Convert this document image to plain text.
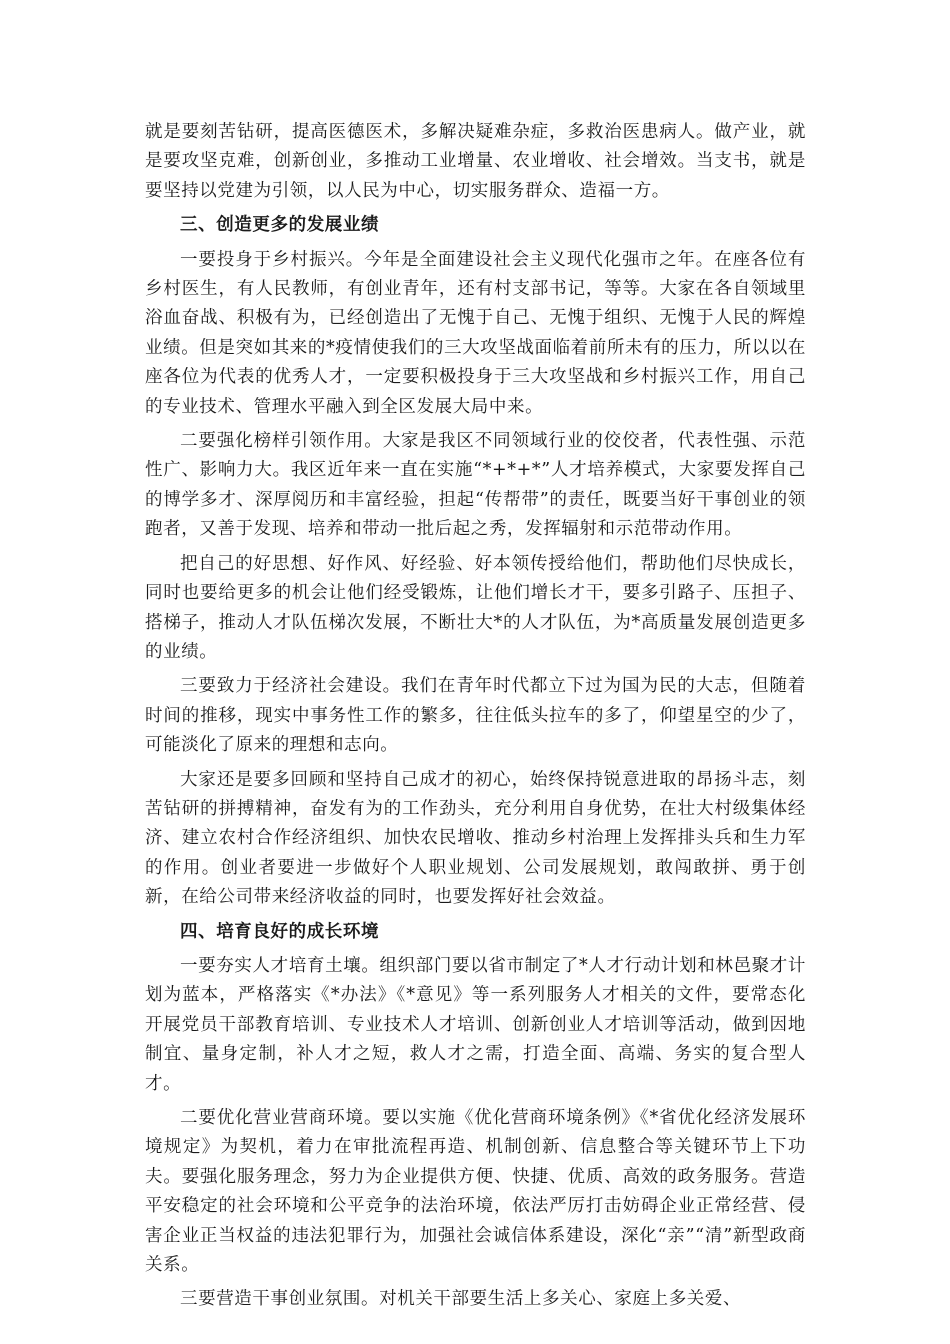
就是要刻苦钻研，提高医德医术，多解决疑难杂症，多救治医患病人。做产业，就是要攻坚克难，创新创业，多推动工业增量、农业增收、社会增效。当支书，就是要坚持以党建为引领，以人民为中心，切实服务群众、造福一方。

三、创造更多的发展业绩

一要投身于乡村振兴。今年是全面建设社会主义现代化强市之年。在座各位有乡村医生，有人民教师，有创业青年，还有村支部书记，等等。大家在各自领域里浴血奋战、积极有为，已经创造出了无愧于自己、无愧于组织、无愧于人民的辉煌业绩。但是突如其来的*疫情使我们的三大攻坚战面临着前所未有的压力，所以以在座各位为代表的优秀人才，一定要积极投身于三大攻坚战和乡村振兴工作，用自己的专业技术、管理水平融入到全区发展大局中来。

二要强化榜样引领作用。大家是我区不同领域行业的佼佼者，代表性强、示范性广、影响力大。我区近年来一直在实施“*+*+*”人才培养模式，大家要发挥自己的博学多才、深厚阅历和丰富经验，担起“传帮带”的责任，既要当好干事创业的领跑者，又善于发现、培养和带动一批后起之秀，发挥辐射和示范带动作用。

把自己的好思想、好作风、好经验、好本领传授给他们，帮助他们尽快成长，同时也要给更多的机会让他们经受锻炼，让他们增长才干，要多引路子、压担子、搭梯子，推动人才队伍梯次发展，不断壮大*的人才队伍，为*高质量发展创造更多的业绩。

三要致力于经济社会建设。我们在青年时代都立下过为国为民的大志，但随着时间的推移，现实中事务性工作的繁多，往往低头拉车的多了，仰望星空的少了，可能淡化了原来的理想和志向。

大家还是要多回顾和坚持自己成才的初心，始终保持锐意进取的昂扬斗志，刻苦钻研的拼搏精神，奋发有为的工作劲头，充分利用自身优势，在壮大村级集体经济、建立农村合作经济组织、加快农民增收、推动乡村治理上发挥排头兵和生力军的作用。创业者要进一步做好个人职业规划、公司发展规划，敢闯敢拼、勇于创新，在给公司带来经济收益的同时，也要发挥好社会效益。

四、培育良好的成长环境

一要夯实人才培育土壤。组织部门要以省市制定了*人才行动计划和林邑聚才计划为蓝本，严格落实《*办法》《*意见》等一系列服务人才相关的文件，要常态化开展党员干部教育培训、专业技术人才培训、创新创业人才培训等活动，做到因地制宜、量身定制，补人才之短，救人才之需，打造全面、高端、务实的复合型人才。

二要优化营业营商环境。要以实施《优化营商环境条例》《*省优化经济发展环境规定》为契机，着力在审批流程再造、机制创新、信息整合等关键环节上下功夫。要强化服务理念，努力为企业提供方便、快捷、优质、高效的政务服务。营造平安稳定的社会环境和公平竞争的法治环境，依法严厉打击妨碍企业正常经营、侵害企业正当权益的违法犯罪行为，加强社会诚信体系建设，深化“亲”“清”新型政商关系。

三要营造干事创业氛围。对机关干部要生活上多关心、家庭上多关爱、
